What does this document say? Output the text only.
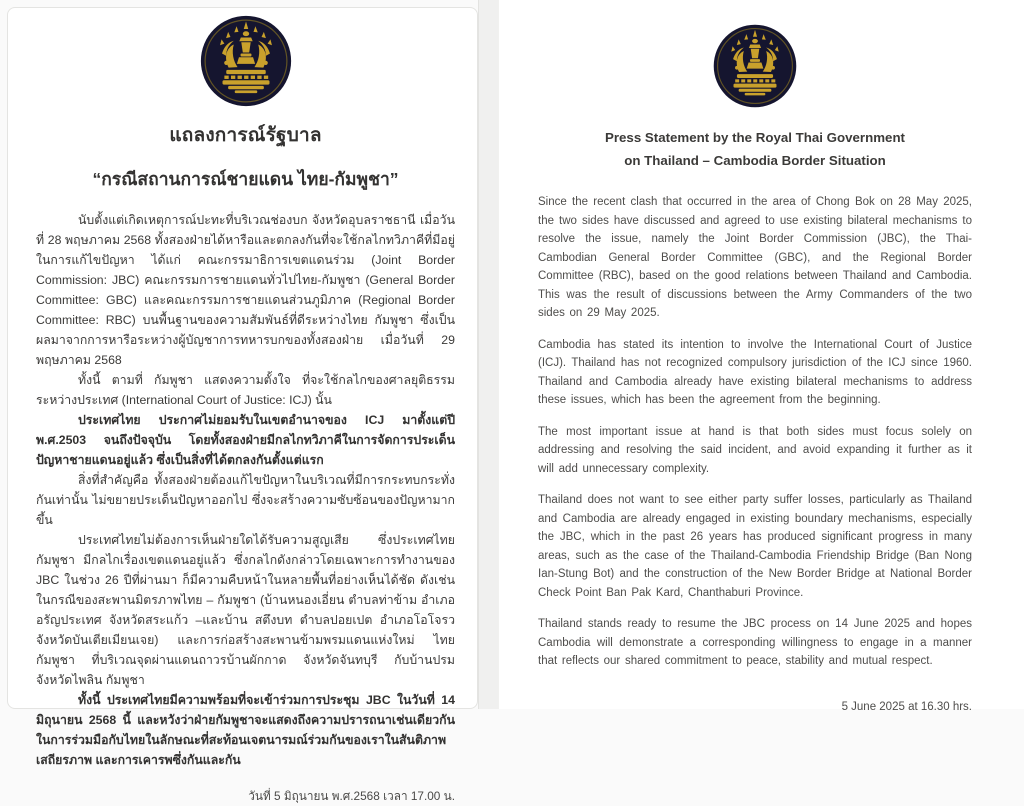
แถลงการณ์รัฐบาล
“กรณีสถานการณ์ชายแดน ไทย-กัมพูชา”

นับตั้งแต่เกิดเหตุการณ์ปะทะที่บริเวณช่องบก จังหวัดอุบลราชธานี เมื่อวันที่ 28 พฤษภาคม 2568 ทั้งสองฝ่ายได้หารือและตกลงกันที่จะใช้กลไกทวิภาคีที่มีอยู่ในการแก้ไขปัญหา ได้แก่ คณะกรรมาธิการเขตแดนร่วม (Joint Border Commission: JBC) คณะกรรมการชายแดนทั่วไปไทย-กัมพูชา (General Border Committee: GBC) และคณะกรรมการชายแดนส่วนภูมิภาค (Regional Border Committee: RBC) บนพื้นฐานของความสัมพันธ์ที่ดีระหว่างไทย กัมพูชา ซึ่งเป็นผลมาจากการหารือระหว่างผู้บัญชาการทหารบกของทั้งสองฝ่าย เมื่อวันที่ 29 พฤษภาคม 2568

ทั้งนี้ ตามที่ กัมพูชา แสดงความตั้งใจ ที่จะใช้กลไกของศาลยุติธรรมระหว่างประเทศ (International Court of Justice: ICJ) นั้น

ประเทศไทย ประกาศไม่ยอมรับในเขตอำนาจของ ICJ มาตั้งแต่ปี พ.ศ.2503 จนถึงปัจจุบัน โดยทั้งสองฝ่ายมีกลไกทวิภาคีในการจัดการประเด็นปัญหาชายแดนอยู่แล้ว ซึ่งเป็นสิ่งที่ได้ตกลงกันตั้งแต่แรก

สิ่งที่สำคัญคือ ทั้งสองฝ่ายต้องแก้ไขปัญหาในบริเวณที่มีการกระทบกระทั่งกันเท่านั้น ไม่ขยายประเด็นปัญหาออกไป ซึ่งจะสร้างความซับซ้อนของปัญหามากขึ้น

ประเทศไทยไม่ต้องการเห็นฝ่ายใดได้รับความสูญเสีย ซึ่งประเทศไทย กัมพูชา มีกลไกเรื่องเขตแดนอยู่แล้ว ซึ่งกลไกดังกล่าวโดยเฉพาะการทำงานของ JBC ในช่วง 26 ปีที่ผ่านมา ก็มีความคืบหน้าในหลายพื้นที่อย่างเห็นได้ชัด ดังเช่นในกรณีของสะพานมิตรภาพไทย – กัมพูชา (บ้านหนองเอี่ยน ตำบลท่าข้าม อำเภออรัญประเทศ จังหวัดสระแก้ว –และบ้าน สตึงบท ตำบลปอยเปต อำเภอโอโจรว จังหวัดบันเตียเมียนเจย) และการก่อสร้างสะพานข้ามพรมแดนแห่งใหม่ ไทย กัมพูชา ที่บริเวณจุดผ่านแดนถาวรบ้านผักกาด จังหวัดจันทบุรี กับบ้านปรม จังหวัดไพลิน กัมพูชา

ทั้งนี้ ประเทศไทยมีความพร้อมที่จะเข้าร่วมการประชุม JBC ในวันที่ 14 มิถุนายน 2568 นี้ และหวังว่าฝ่ายกัมพูชาจะแสดงถึงความปรารถนาเช่นเดียวกันในการร่วมมือกับไทยในลักษณะที่สะท้อนเจตนารมณ์ร่วมกันของเราในสันติภาพ เสถียรภาพ และการเคารพซึ่งกันและกัน

วันที่ 5 มิถุนายน พ.ศ.2568 เวลา 17.00 น.

Press Statement by the Royal Thai Government
on Thailand – Cambodia Border Situation

Since the recent clash that occurred in the area of Chong Bok on 28 May 2025, the two sides have discussed and agreed to use existing bilateral mechanisms to resolve the issue, namely the Joint Border Commission (JBC), the Thai-Cambodian General Border Committee (GBC), and the Regional Border Committee (RBC), based on the good relations between Thailand and Cambodia. This was the result of discussions between the Army Commanders of the two sides on 29 May 2025.

Cambodia has stated its intention to involve the International Court of Justice (ICJ). Thailand has not recognized compulsory jurisdiction of the ICJ since 1960. Thailand and Cambodia already have existing bilateral mechanisms to address these issues, which has been the agreement from the beginning.

The most important issue at hand is that both sides must focus solely on addressing and resolving the said incident, and avoid expanding it further as it will add unnecessary complexity.

Thailand does not want to see either party suffer losses, particularly as Thailand and Cambodia are already engaged in existing boundary mechanisms, especially the JBC, which in the past 26 years has produced significant progress in many areas, such as the case of the Thailand-Cambodia Friendship Bridge (Ban Nong Ian-Stung Bot) and the construction of the New Border Bridge at National Border Check Point Ban Pak Kard, Chanthaburi Province.

Thailand stands ready to resume the JBC process on 14 June 2025 and hopes Cambodia will demonstrate a corresponding willingness to engage in a manner that reflects our shared commitment to peace, stability and mutual respect.

5 June 2025 at 16.30 hrs.
